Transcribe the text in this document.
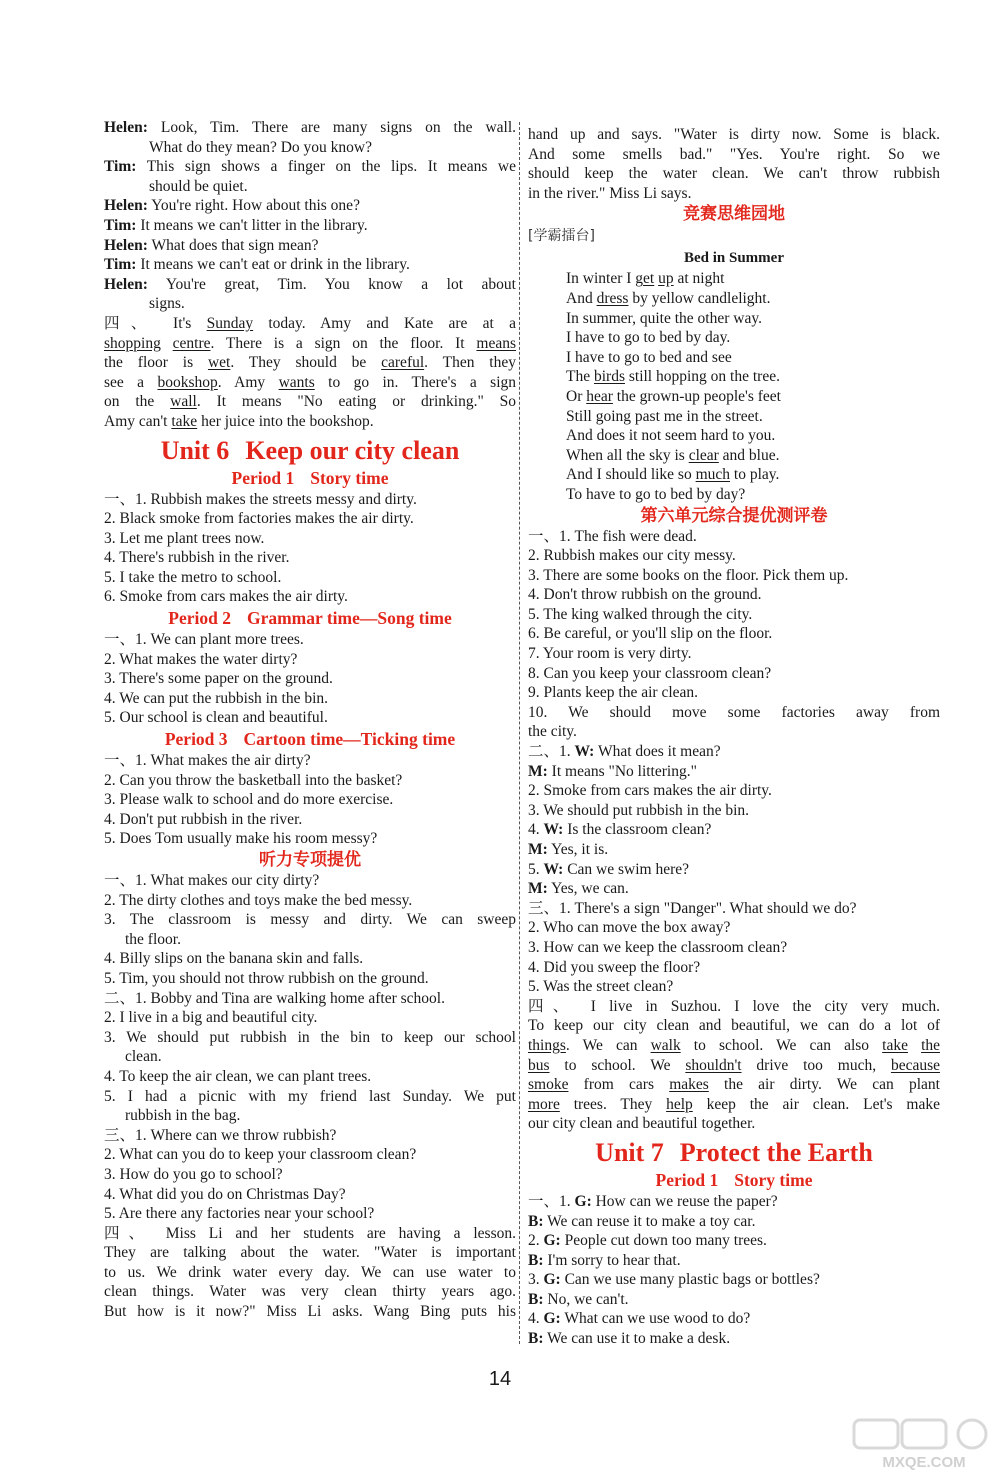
Helen: Look, Tim. There are many signs on the wall.
What do they mean? Do you know?
Tim: This sign shows a finger on the lips. It means we
should be quiet.
Helen: You're right. How about this one?
Tim: It means we can't litter in the library.
Helen: What does that sign mean?
Tim: It means we can't eat or drink in the library.
Helen: You're great, Tim. You know a lot about
signs.
四、 It's Sunday today. Amy and Kate are at a
shopping centre. There is a sign on the floor. It means
the floor is wet. They should be careful. Then they
see a bookshop. Amy wants to go in. There's a sign
on the wall. It means "No eating or drinking." So
Amy can't take her juice into the bookshop.
Unit 6 Keep our city clean
Period 1 Story time
一、1. Rubbish makes the streets messy and dirty.
2. Black smoke from factories makes the air dirty.
3. Let me plant trees now.
4. There's rubbish in the river.
5. I take the metro to school.
6. Smoke from cars makes the air dirty.
Period 2 Grammar time—Song time
一、1. We can plant more trees.
2. What makes the water dirty?
3. There's some paper on the ground.
4. We can put the rubbish in the bin.
5. Our school is clean and beautiful.
Period 3 Cartoon time—Ticking time
一、1. What makes the air dirty?
2. Can you throw the basketball into the basket?
3. Please walk to school and do more exercise.
4. Don't put rubbish in the river.
5. Does Tom usually make his room messy?
听力专项提优
一、1. What makes our city dirty?
2. The dirty clothes and toys make the bed messy.
3. The classroom is messy and dirty. We can sweep
the floor.
4. Billy slips on the banana skin and falls.
5. Tim, you should not throw rubbish on the ground.
二、1. Bobby and Tina are walking home after school.
2. I live in a big and beautiful city.
3. We should put rubbish in the bin to keep our school
clean.
4. To keep the air clean, we can plant trees.
5. I had a picnic with my friend last Sunday. We put
rubbish in the bag.
三、1. Where can we throw rubbish?
2. What can you do to keep your classroom clean?
3. How do you go to school?
4. What did you do on Christmas Day?
5. Are there any factories near your school?
四、 Miss Li and her students are having a lesson.
They are talking about the water. "Water is important
to us. We drink water every day. We can use water to
clean things. Water was very clean thirty years ago.
But how is it now?" Miss Li asks. Wang Bing puts his
hand up and says. "Water is dirty now. Some is black.
And some smells bad." "Yes. You're right. So we
should keep the water clean. We can't throw rubbish
in the river." Miss Li says.
竞赛思维园地
[学霸擂台]
Bed in Summer
In winter I get up at night
And dress by yellow candlelight.
In summer, quite the other way.
I have to go to bed by day.
I have to go to bed and see
The birds still hopping on the tree.
Or hear the grown-up people's feet
Still going past me in the street.
And does it not seem hard to you.
When all the sky is clear and blue.
And I should like so much to play.
To have to go to bed by day?
第六单元综合提优测评卷
一、1. The fish were dead.
2. Rubbish makes our city messy.
3. There are some books on the floor. Pick them up.
4. Don't throw rubbish on the ground.
5. The king walked through the city.
6. Be careful, or you'll slip on the floor.
7. Your room is very dirty.
8. Can you keep your classroom clean?
9. Plants keep the air clean.
10. We should move some factories away from
the city.
二、1. W: What does it mean?
M: It means "No littering."
2. Smoke from cars makes the air dirty.
3. We should put rubbish in the bin.
4. W: Is the classroom clean?
M: Yes, it is.
5. W: Can we swim here?
M: Yes, we can.
三、1. There's a sign "Danger". What should we do?
2. Who can move the box away?
3. How can we keep the classroom clean?
4. Did you sweep the floor?
5. Was the street clean?
四、 I live in Suzhou. I love the city very much.
To keep our city clean and beautiful, we can do a lot of
things. We can walk to school. We can also take the
bus to school. We shouldn't drive too much, because
smoke from cars makes the air dirty. We can plant
more trees. They help keep the air clean. Let's make
our city clean and beautiful together.
Unit 7 Protect the Earth
Period 1 Story time
一、1. G: How can we reuse the paper?
B: We can reuse it to make a toy car.
2. G: People cut down too many trees.
B: I'm sorry to hear that.
3. G: Can we use many plastic bags or bottles?
B: No, we can't.
4. G: What can we use wood to do?
B: We can use it to make a desk.
14
MXQE.COM
